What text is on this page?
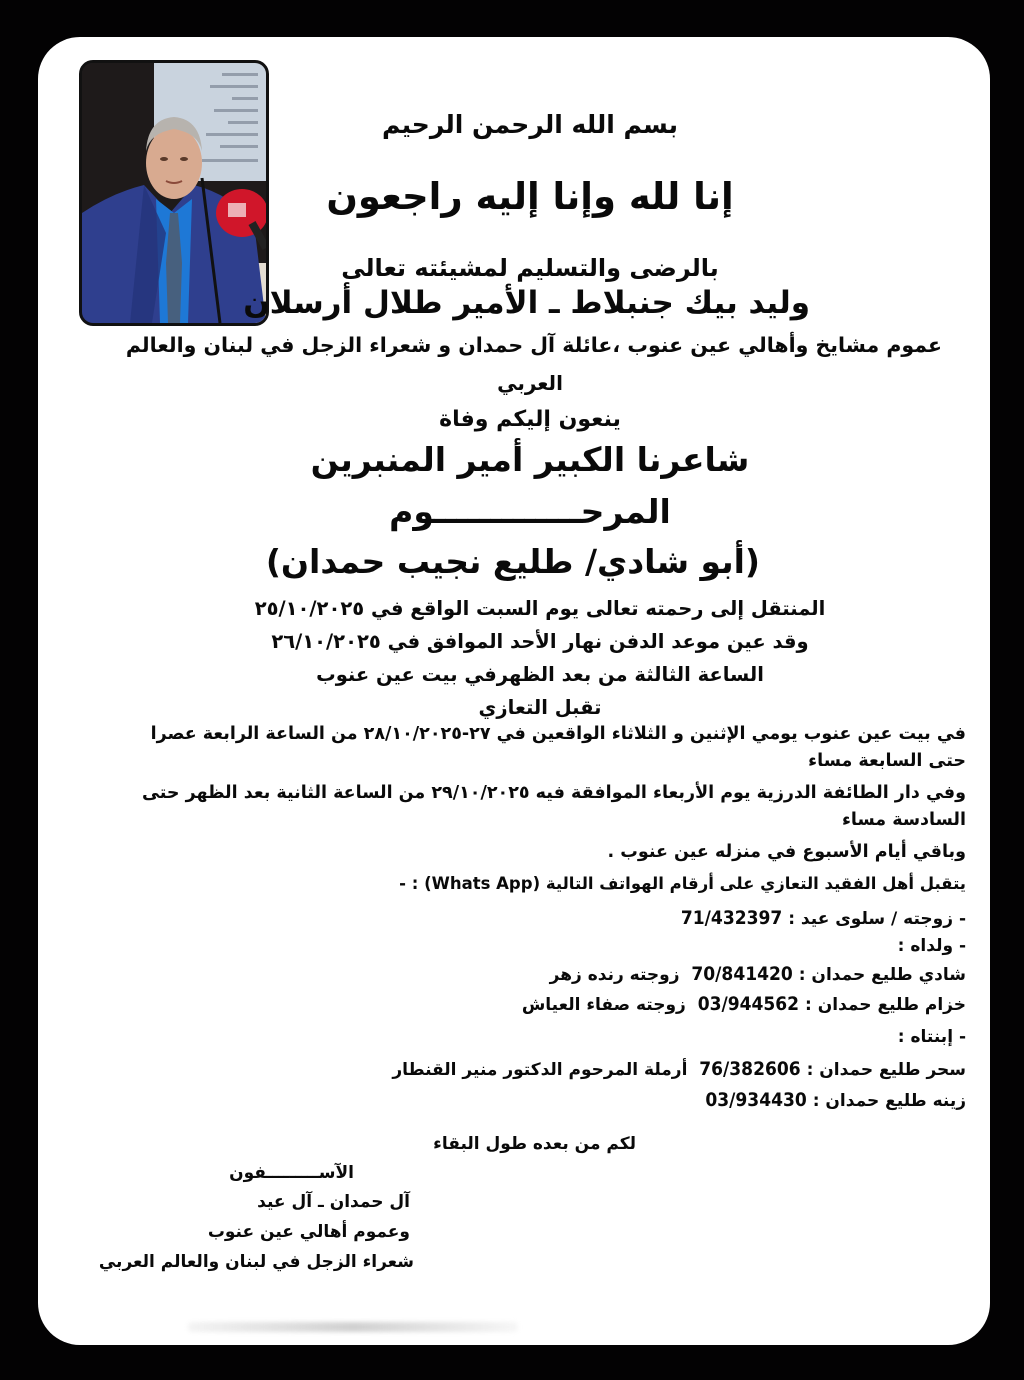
بسم الله الرحمن الرحيم
إنا لله وإنا إليه راجعون
بالرضى والتسليم لمشيئته تعالى
وليد بيك جنبلاط ـ الأمير طلال أرسلان
عموم مشايخ وأهالي عين عنوب ،عائلة آل حمدان و شعراء الزجل في لبنان والعالم
العربي
ينعون إليكم وفاة
شاعرنا الكبير أمير المنبرين
المرحـــــــــــــوم
(أبو شادي/ طليع نجيب حمدان)
المنتقل إلى رحمته تعالى يوم السبت الواقع في ٢٥/١٠/٢٠٢٥
وقد عين موعد الدفن نهار الأحد الموافق في ٢٦/١٠/٢٠٢٥
الساعة الثالثة من بعد الظهرفي بيت عين عنوب
تقبل التعازي
في بيت عين عنوب يومي الإثنين و الثلاثاء الواقعين في ٢٧-٢٨/١٠/٢٠٢٥ من الساعة الرابعة عصرا
حتى السابعة مساء
وفي دار الطائفة الدرزية يوم الأربعاء الموافقة فيه ٢٩/١٠/٢٠٢٥ من الساعة الثانية بعد الظهر حتى
السادسة مساء
وباقي أيام الأسبوع في منزله عين عنوب .
يتقبل أهل الفقيد التعازي على أرقام الهواتف التالية (Whats App) : -
- زوجته / سلوى عيد : 71/432397
- ولداه :
شادي طليع حمدان : 70/841420  زوجته رنده زهر
خزام طليع حمدان : 03/944562  زوجته صفاء العياش
- إبنتاه :
سحر طليع حمدان : 76/382606  أرملة المرحوم الدكتور منير القنطار
زينه طليع حمدان : 03/934430
لكم من بعده طول البقاء
الآســـــــــفون
آل حمدان ـ آل عيد
وعموم أهالي عين عنوب
شعراء الزجل في لبنان والعالم العربي
